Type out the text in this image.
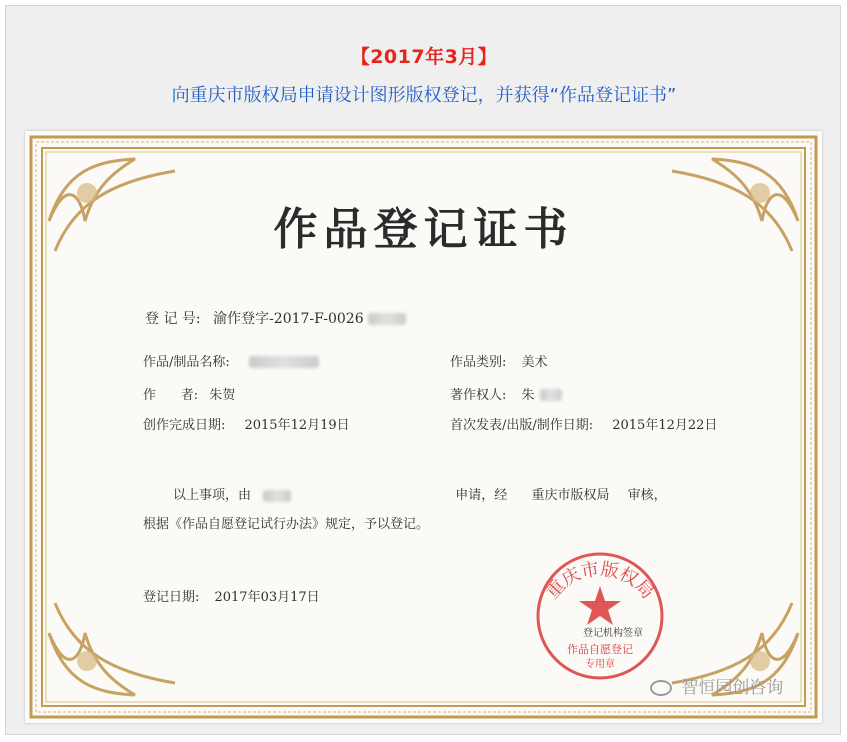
【2017年3月】
向重庆市版权局申请设计图形版权登记，并获得“作品登记证书”
作品登记证书
登 记 号: 渝作登字-2017-F-0026
作品/制品名称:	作品类别: 美术
作      者: 朱贺	著作权人: 朱
创作完成日期: 2015年12月19日	首次发表/出版/制作日期: 2015年12月22日
以上事项，由	申请，经 重庆市版权局 审核，
根据《作品自愿登记试行办法》规定，予以登记。
登记日期: 2017年03月17日	重庆市版权局
登记机构签章
作品自愿登记
专用章
智恒园创咨询
